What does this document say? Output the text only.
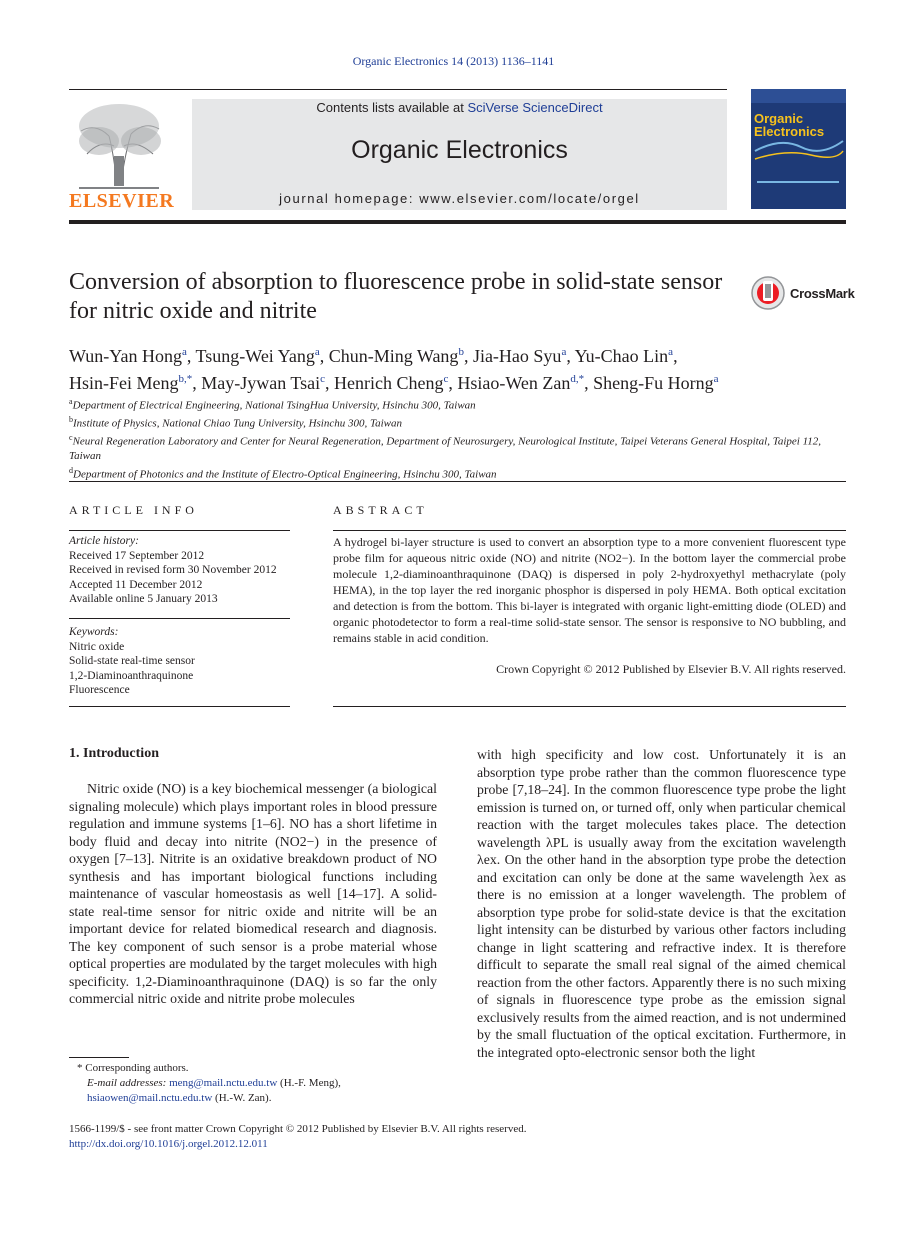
Organic Electronics 14 (2013) 1136–1141
ELSEVIER
Contents lists available at SciVerse ScienceDirect
Organic Electronics
journal homepage: www.elsevier.com/locate/orgel
Organic Electronics
Conversion of absorption to fluorescence probe in solid-state sensor for nitric oxide and nitrite
CrossMark
Wun-Yan Hong$^a$, Tsung-Wei Yang$^a$, Chun-Ming Wang$^b$, Jia-Hao Syu$^a$, Yu-Chao Lin$^a$,
Hsin-Fei Meng$^{b,*}$, May-Jywan Tsai$^c$, Henrich Cheng$^c$, Hsiao-Wen Zan$^{d,*}$, Sheng-Fu Horng$^a$
$^a$Department of Electrical Engineering, National TsingHua University, Hsinchu 300, Taiwan
$^b$Institute of Physics, National Chiao Tung University, Hsinchu 300, Taiwan
$^c$Neural Regeneration Laboratory and Center for Neural Regeneration, Department of Neurosurgery, Neurological Institute, Taipei Veterans General Hospital, Taipei 112, Taiwan
$^d$Department of Photonics and the Institute of Electro-Optical Engineering, Hsinchu 300, Taiwan
ARTICLE INFO
Article history:
Received 17 September 2012
Received in revised form 30 November 2012
Accepted 11 December 2012
Available online 5 January 2013
Keywords:
Nitric oxide
Solid-state real-time sensor
1,2-Diaminoanthraquinone
Fluorescence
ABSTRACT
A hydrogel bi-layer structure is used to convert an absorption type to a more convenient fluorescent type probe film for aqueous nitric oxide (NO) and nitrite (NO2−). In the bottom layer the commercial probe molecule 1,2-diaminoanthraquinone (DAQ) is dispersed in poly 2-hydroxyethyl methacrylate (poly HEMA), in the top layer the red inorganic phosphor is dispersed in poly HEMA. Both optical excitation and detection is from the bottom. This bi-layer is integrated with organic light-emitting diode (OLED) and organic photodetector to form a real-time solid-state sensor. The sensor is responsive to NO bubbling, and remains stable in acid condition.
Crown Copyright © 2012 Published by Elsevier B.V. All rights reserved.
1. Introduction
Nitric oxide (NO) is a key biochemical messenger (a biological signaling molecule) which plays important roles in blood pressure regulation and immune systems [1–6]. NO has a short lifetime in body fluid and decay into nitrite (NO2−) in the presence of oxygen [7–13]. Nitrite is an oxidative breakdown product of NO synthesis and has important biological functions including maintenance of vascular homeostasis as well [14–17]. A solid-state real-time sensor for nitric oxide and nitrite will be an important device for related biomedical research and diagnosis. The key component of such sensor is a probe material whose optical properties are modulated by the target molecules with high specificity. 1,2-Diaminoanthraquinone (DAQ) is so far the only commercial nitric oxide and nitrite probe molecules
with high specificity and low cost. Unfortunately it is an absorption type probe rather than the common fluorescence type probe [7,18–24]. In the common fluorescence type probe the light emission is turned on, or turned off, only when particular chemical reaction with the target molecules takes place. The detection wavelength λPL is usually away from the excitation wavelength λex. On the other hand in the absorption type probe the detection and excitation can only be done at the same wavelength λex as there is no emission at a longer wavelength. The problem of absorption type probe for solid-state device is that the excitation light intensity can be disturbed by various other factors including change in light scattering and refractive index. It is therefore difficult to separate the small real signal of the aimed chemical reaction from the other factors. Apparently there is no such mixing of signals in fluorescence type probe as the emission signal exclusively results from the aimed reaction, and is not undermined by the small fluctuation of the optical excitation. Furthermore, in the integrated opto-electronic sensor both the light
* Corresponding authors.
E-mail addresses: meng@mail.nctu.edu.tw (H.-F. Meng), hsiaowen@mail.nctu.edu.tw (H.-W. Zan).
1566-1199/$ - see front matter Crown Copyright © 2012 Published by Elsevier B.V. All rights reserved.
http://dx.doi.org/10.1016/j.orgel.2012.12.011
